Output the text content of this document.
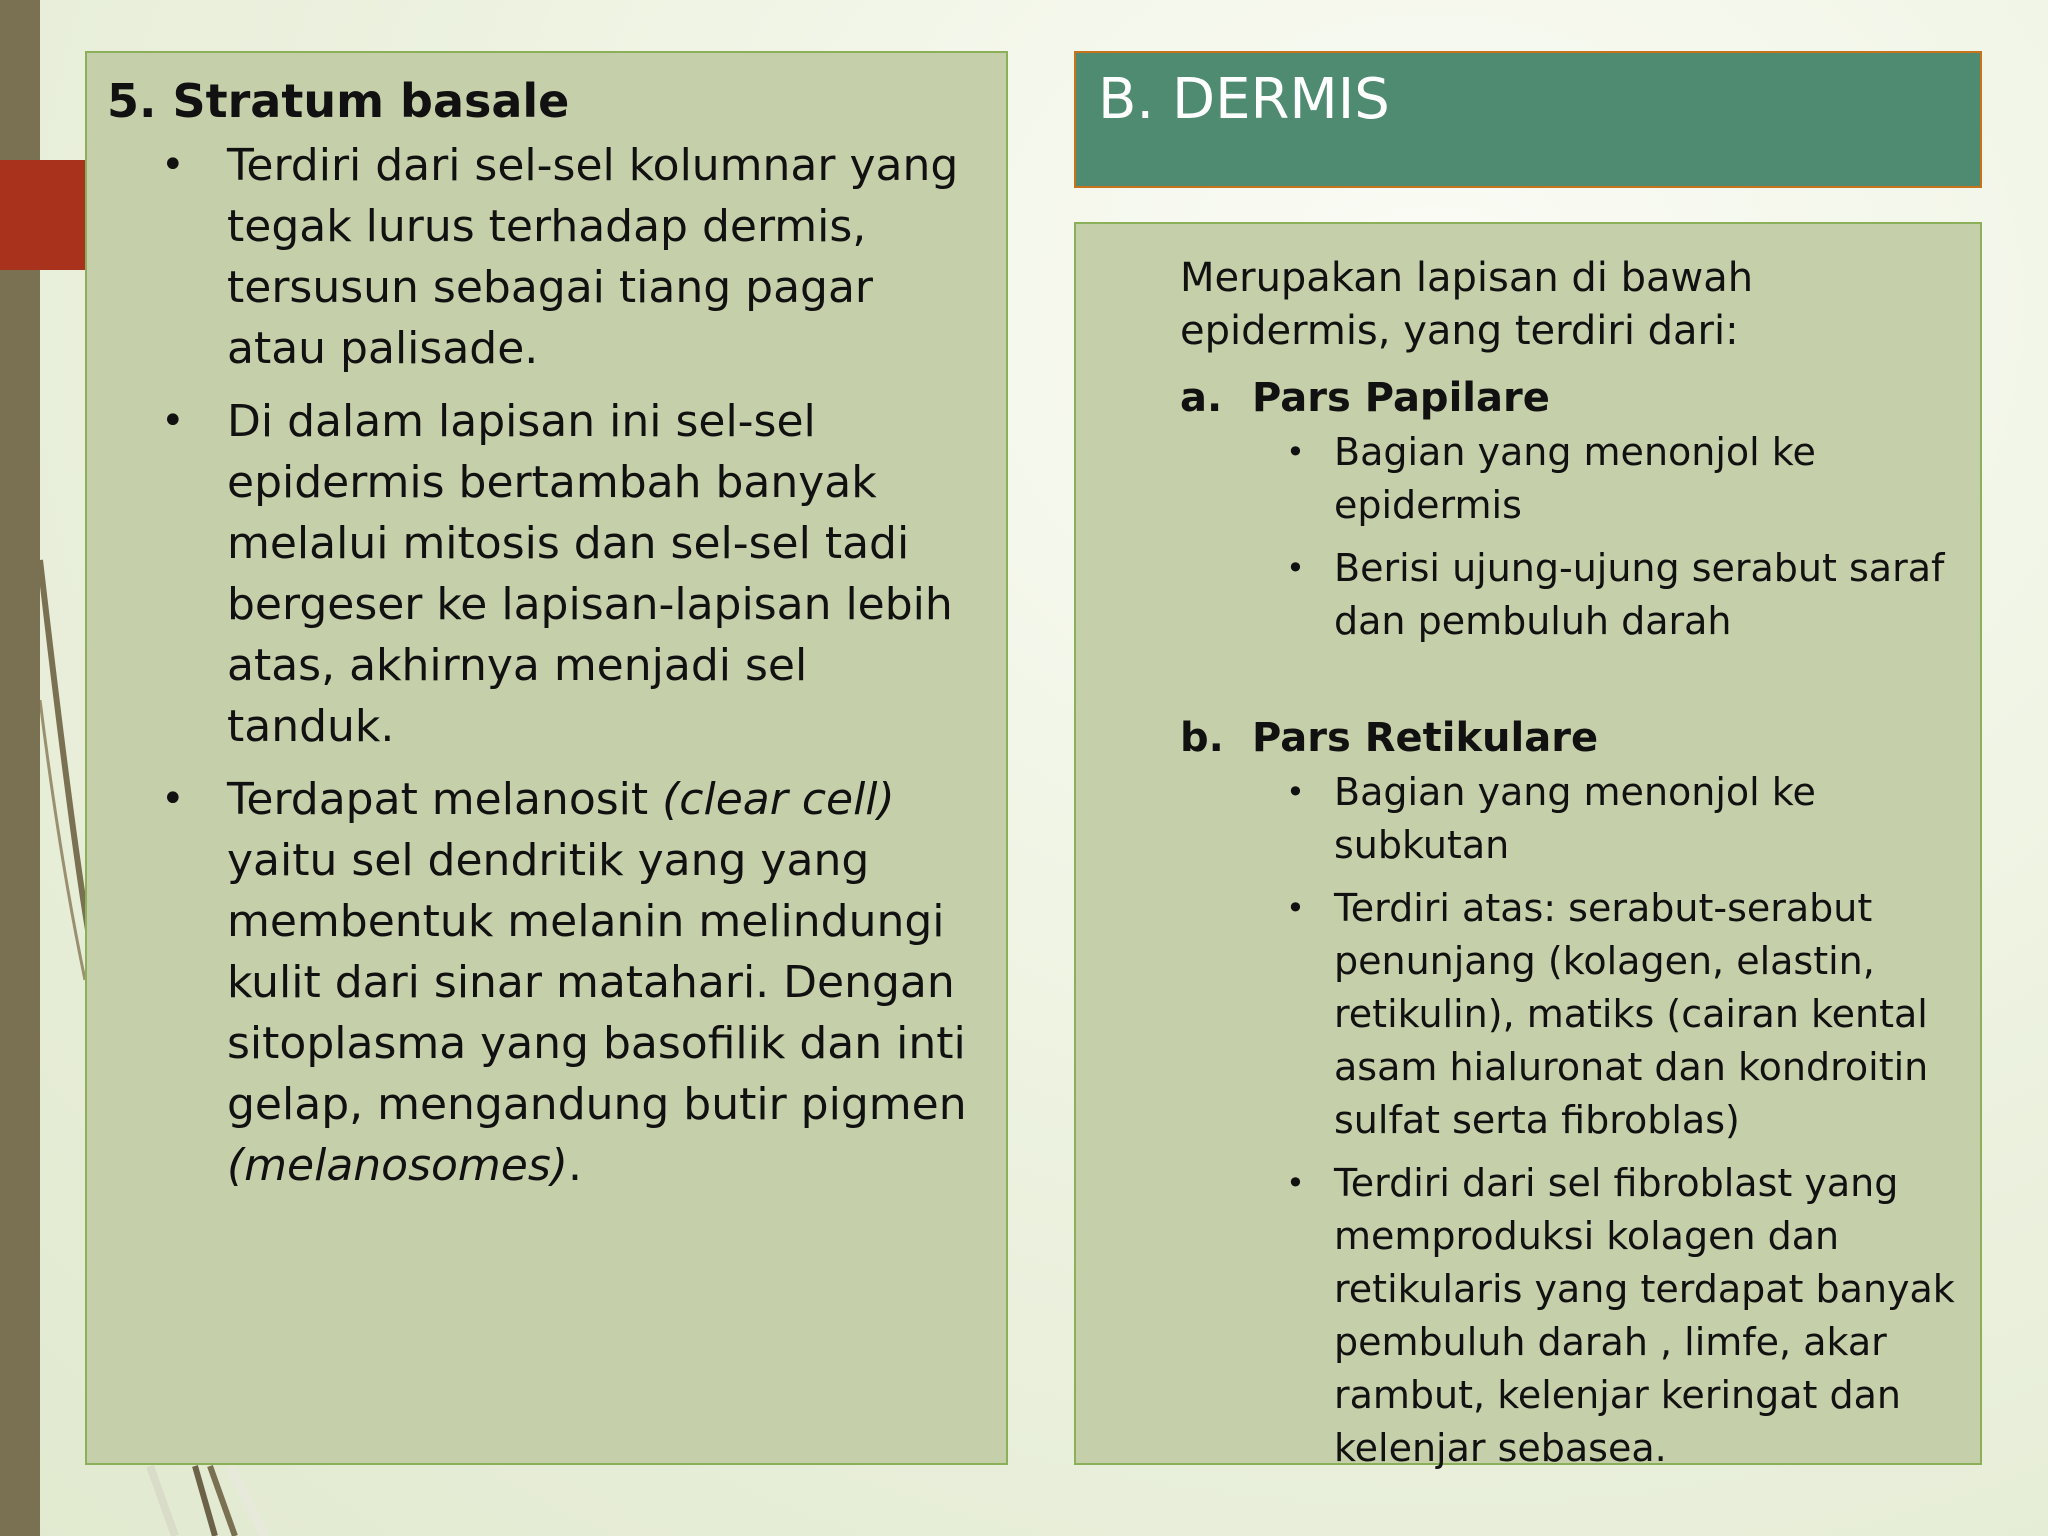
5. Stratum basale
• Terdiri dari sel-sel kolumnar yang tegak lurus terhadap dermis, tersusun sebagai tiang pagar atau palisade.
• Di dalam lapisan ini sel-sel epidermis bertambah banyak melalui mitosis dan sel-sel tadi bergeser ke lapisan-lapisan lebih atas, akhirnya menjadi sel tanduk.
• Terdapat melanosit (clear cell) yaitu sel dendritik yang yang membentuk melanin melindungi kulit dari sinar matahari. Dengan sitoplasma yang basofilik dan inti gelap, mengandung butir pigmen (melanosomes).
B. DERMIS
Merupakan lapisan di bawah epidermis, yang terdiri dari:
a. Pars Papilare
• Bagian yang menonjol ke epidermis
• Berisi ujung-ujung serabut saraf dan pembuluh darah
b. Pars Retikulare
• Bagian yang menonjol ke subkutan
• Terdiri atas: serabut-serabut penunjang (kolagen, elastin, retikulin), matiks (cairan kental asam hialuronat dan kondroitin sulfat serta fibroblas)
• Terdiri dari sel fibroblast yang memproduksi kolagen dan retikularis yang terdapat banyak pembuluh darah , limfe, akar rambut, kelenjar keringat dan kelenjar sebasea.
